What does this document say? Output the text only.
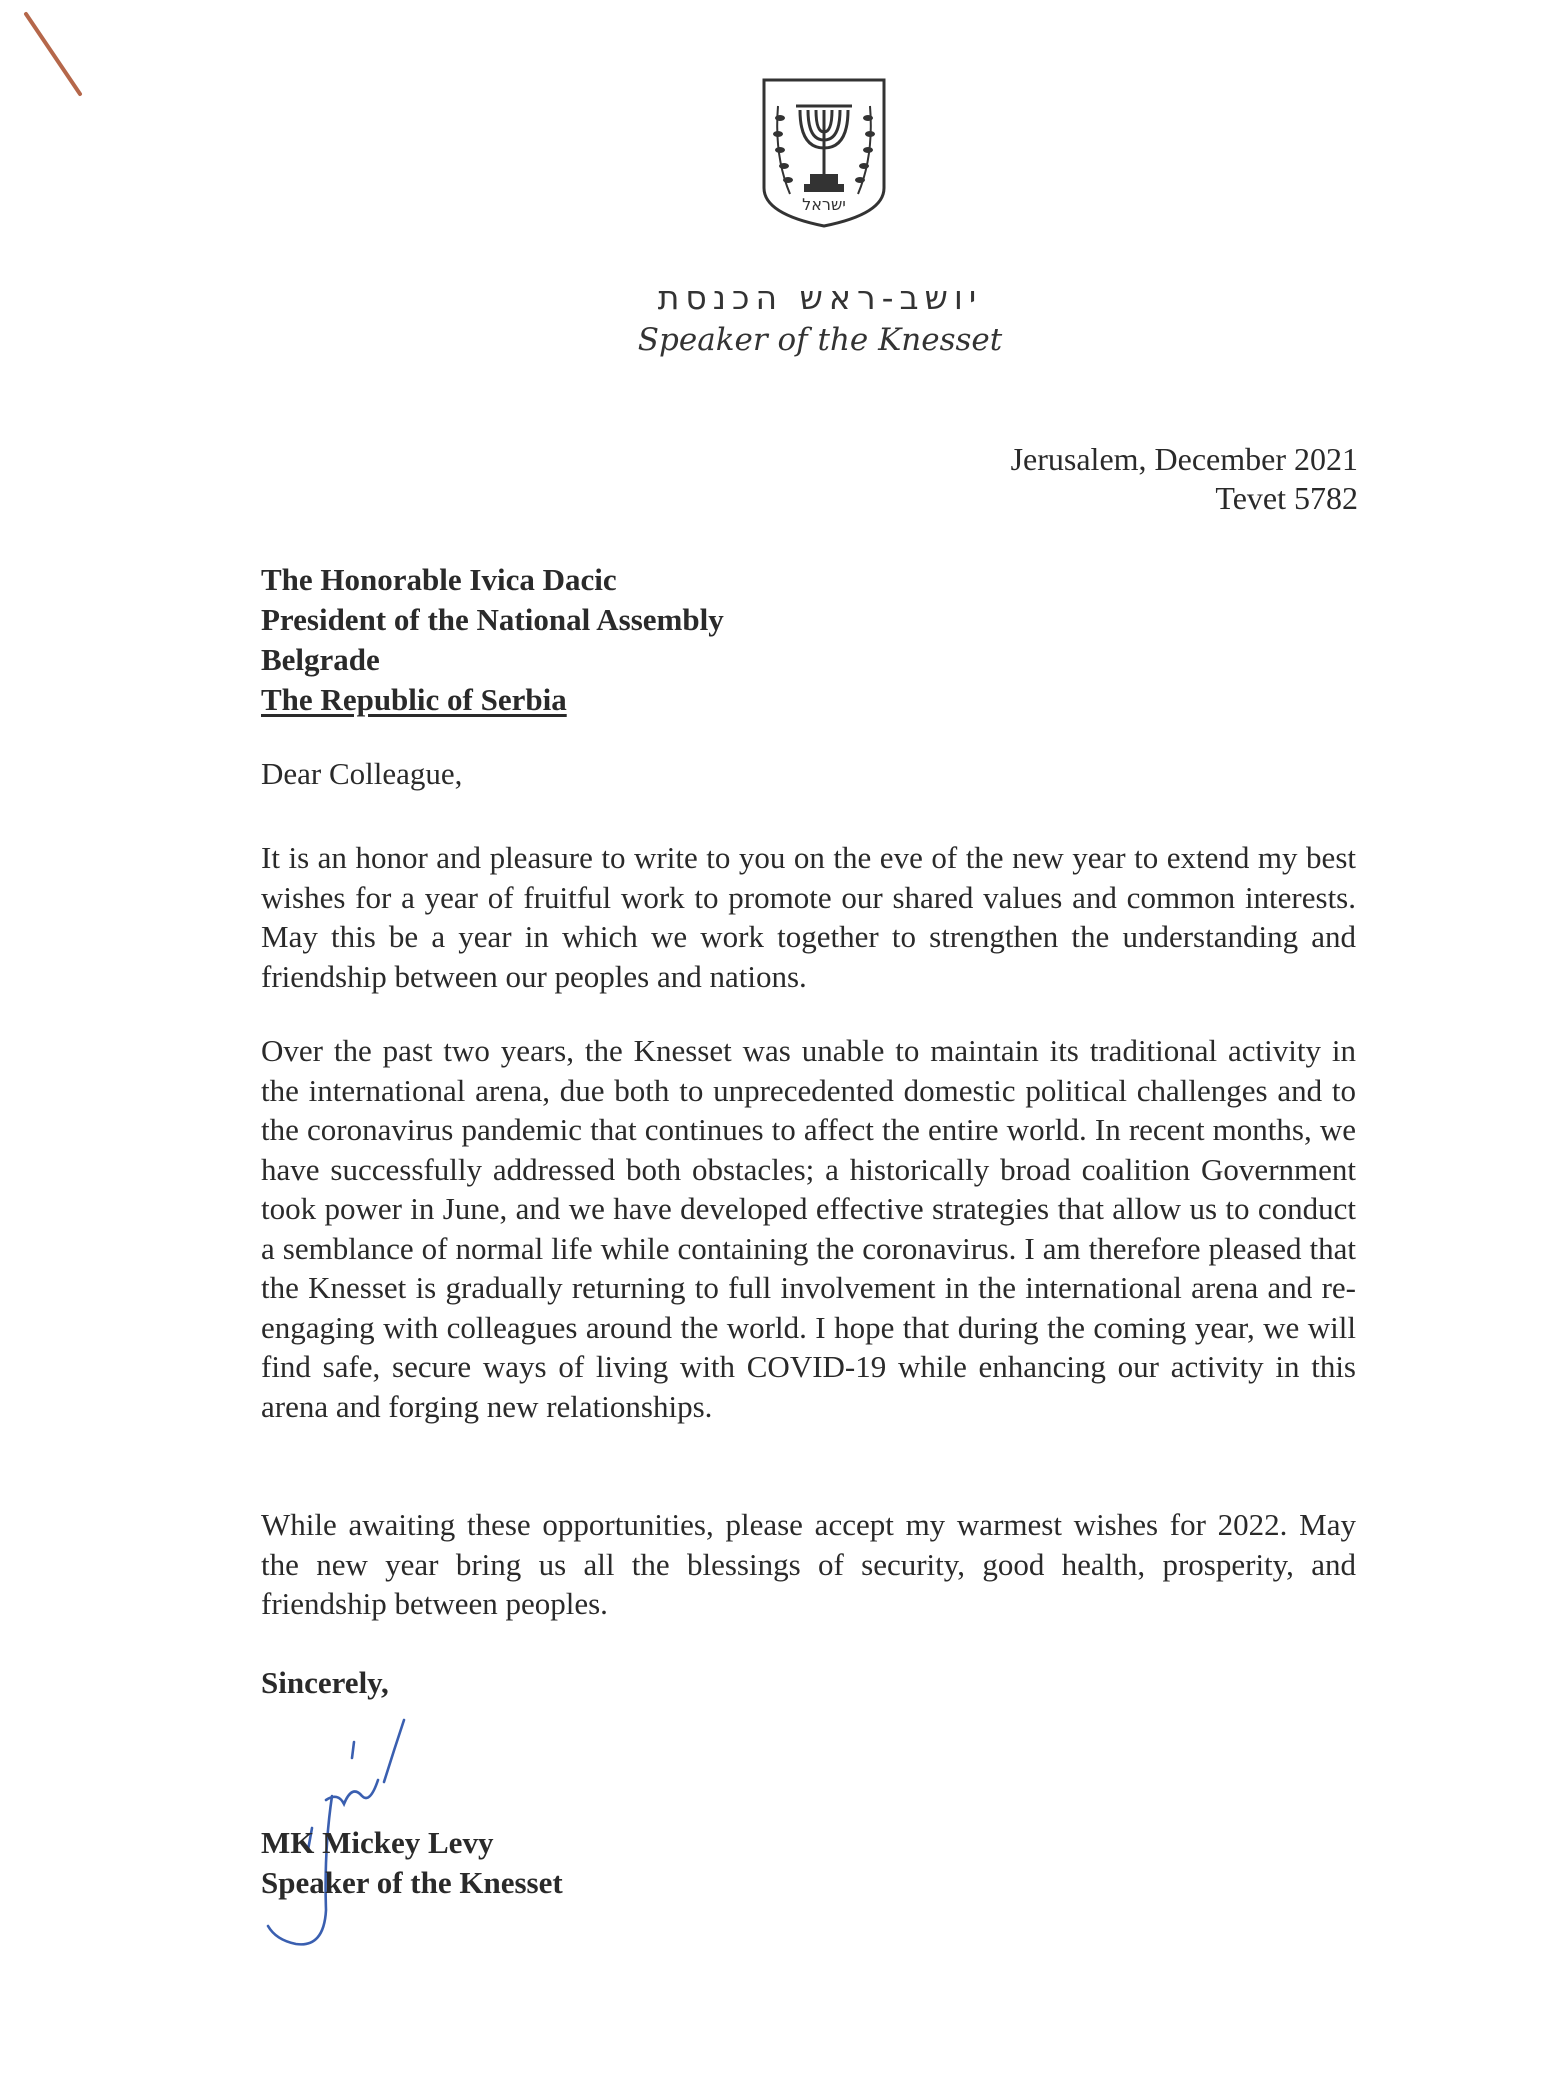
ישראל
יושב-ראש הכנסת
Speaker of the Knesset
Jerusalem, December 2021
Tevet 5782
The Honorable Ivica Dacic
President of the National Assembly
Belgrade
The Republic of Serbia
Dear Colleague,

It is an honor and pleasure to write to you on the eve of the new year to extend my best wishes for a year of fruitful work to promote our shared values and common interests. May this be a year in which we work together to strengthen the understanding and friendship between our peoples and nations.

Over the past two years, the Knesset was unable to maintain its traditional activity in the international arena, due both to unprecedented domestic political challenges and to the coronavirus pandemic that continues to affect the entire world. In recent months, we have successfully addressed both obstacles; a historically broad coalition Government took power in June, and we have developed effective strategies that allow us to conduct a semblance of normal life while containing the coronavirus. I am therefore pleased that the Knesset is gradually returning to full involvement in the international arena and re-engaging with colleagues around the world. I hope that during the coming year, we will find safe, secure ways of living with COVID-19 while enhancing our activity in this arena and forging new relationships.

While awaiting these opportunities, please accept my warmest wishes for 2022. May the new year bring us all the blessings of security, good health, prosperity, and friendship between peoples.

Sincerely,
MK Mickey Levy
Speaker of the Knesset
